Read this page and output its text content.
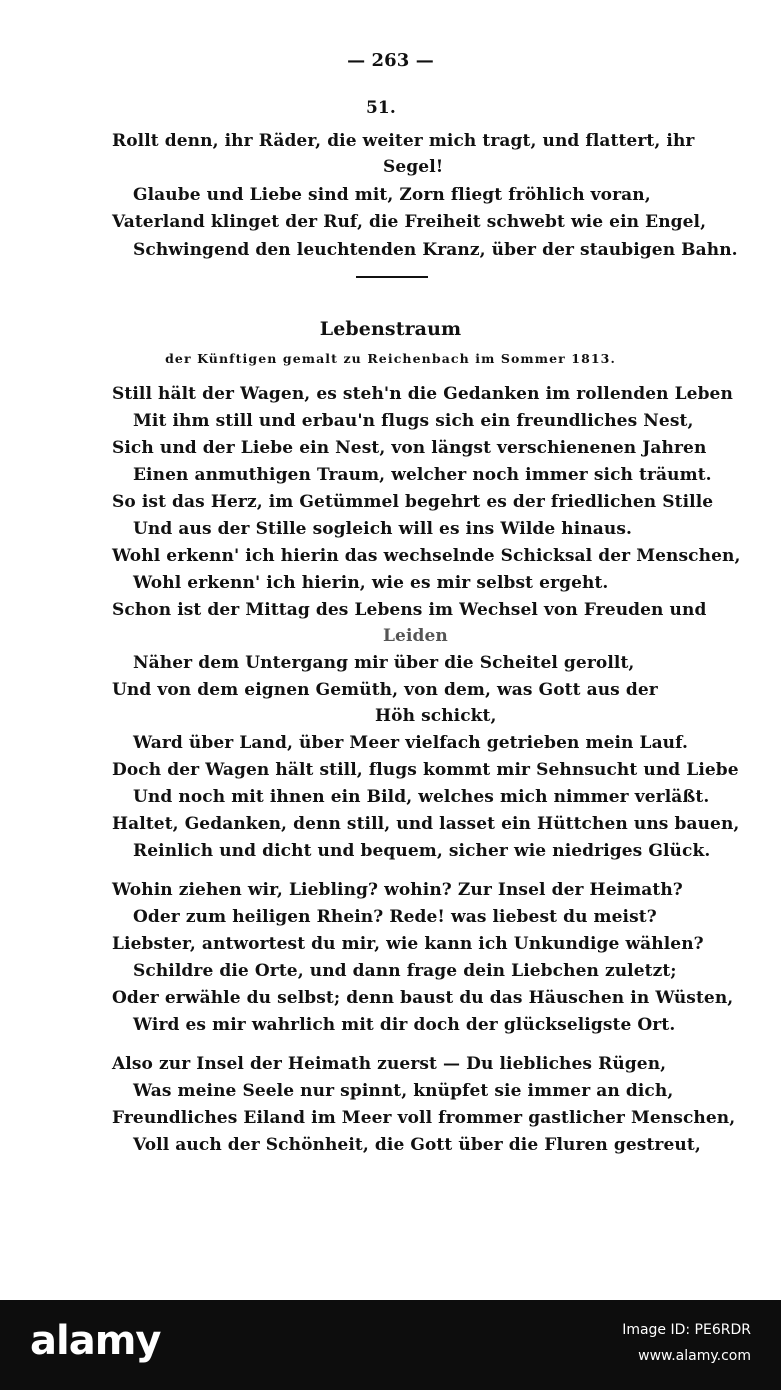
— 263 —
51.
Rollt denn, ihr Räder, die weiter mich tragt, und flattert, ihr
Segel!
Glaube und Liebe sind mit, Zorn fliegt fröhlich voran,
Vaterland klinget der Ruf, die Freiheit schwebt wie ein Engel,
Schwingend den leuchtenden Kranz, über der staubigen Bahn.
Lebenstraum
der Künftigen gemalt zu Reichenbach im Sommer 1813.
Still hält der Wagen, es steh'n die Gedanken im rollenden Leben
Mit ihm still und erbau'n flugs sich ein freundliches Nest,
Sich und der Liebe ein Nest, von längst verschienenen Jahren
Einen anmuthigen Traum, welcher noch immer sich träumt.
So ist das Herz, im Getümmel begehrt es der friedlichen Stille
Und aus der Stille sogleich will es ins Wilde hinaus.
Wohl erkenn' ich hierin das wechselnde Schicksal der Menschen,
Wohl erkenn' ich hierin, wie es mir selbst ergeht.
Schon ist der Mittag des Lebens im Wechsel von Freuden und
Leiden
Näher dem Untergang mir über die Scheitel gerollt,
Und von dem eignen Gemüth, von dem, was Gott aus der
Höh schickt,
Ward über Land, über Meer vielfach getrieben mein Lauf.
Doch der Wagen hält still, flugs kommt mir Sehnsucht und Liebe
Und noch mit ihnen ein Bild, welches mich nimmer verläßt.
Haltet, Gedanken, denn still, und lasset ein Hüttchen uns bauen,
Reinlich und dicht und bequem, sicher wie niedriges Glück.
Wohin ziehen wir, Liebling? wohin? Zur Insel der Heimath?
Oder zum heiligen Rhein? Rede! was liebest du meist?
Liebster, antwortest du mir, wie kann ich Unkundige wählen?
Schildre die Orte, und dann frage dein Liebchen zuletzt;
Oder erwähle du selbst; denn baust du das Häuschen in Wüsten,
Wird es mir wahrlich mit dir doch der glückseligste Ort.
Also zur Insel der Heimath zuerst — Du liebliches Rügen,
Was meine Seele nur spinnt, knüpfet sie immer an dich,
Freundliches Eiland im Meer voll frommer gastlicher Menschen,
Voll auch der Schönheit, die Gott über die Fluren gestreut,
alamy	Image ID: PE6RDR
www.alamy.com
